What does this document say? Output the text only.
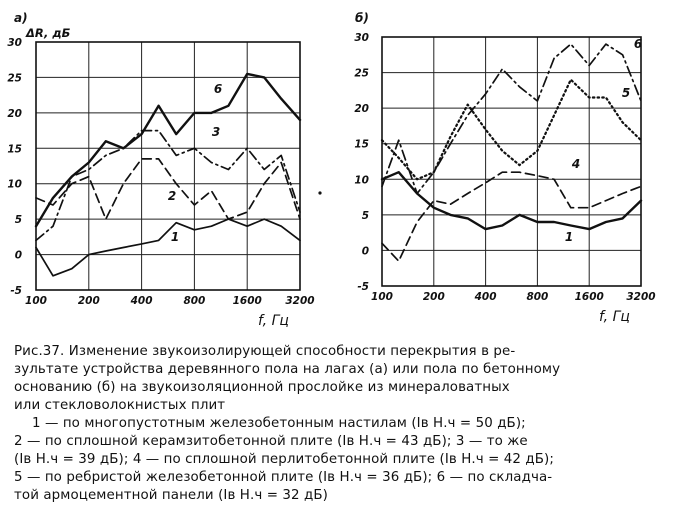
-5
0
5
10
15
20
25
30
100	200	400	800	1600 3200
f, Гц
ΔR, дБ
а)
1
2
3
6
-5
0
5
10
15
20
25
30
100	200	400	800 1600 3200
f, Гц
б)
1
4
5
6
Рис.37. Изменение звукоизолирующей способности перекрытия в ре-
зультате устройства деревянного пола на лагах (а) или пола по бетонному
основанию (б) на звукоизоляционной прослойке из минераловатных
или стекловолокнистых плит
1 — по многопустотным железобетонным настилам (Iв Н.ч = 50 дБ);
2 — по сплошной керамзитобетонной плите (Iв Н.ч = 43 дБ); 3 — то же
(Iв Н.ч = 39 дБ); 4 — по сплошной перлитобетонной плите (Iв Н.ч = 42 дБ);
5 — по ребристой железобетонной плите (Iв Н.ч = 36 дБ); 6 — по складча-
той армоцементной панели (Iв Н.ч = 32 дБ)
